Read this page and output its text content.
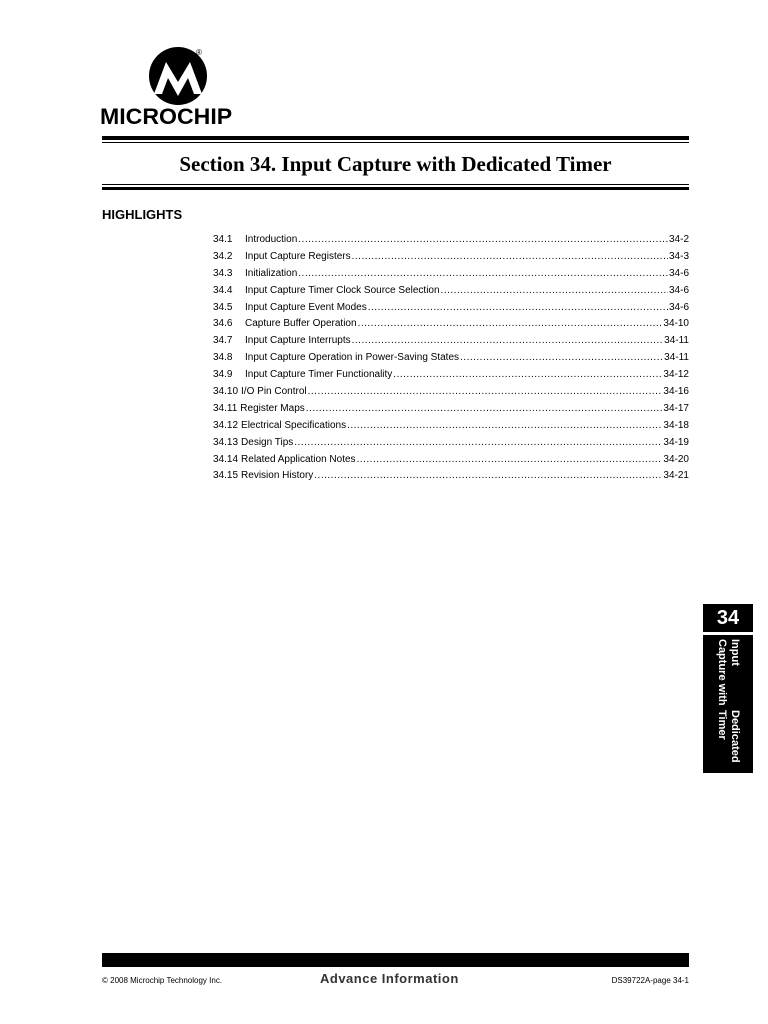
®
MICROCHIP
Section 34. Input Capture with Dedicated Timer
HIGHLIGHTS
34.1	Introduction .....	34-2
34.2	Input Capture Registers .....	34-3
34.3	Initialization .....	34-6
34.4	Input Capture Timer Clock Source Selection .....	34-6
34.5	Input Capture Event Modes .....	34-6
34.6	Capture Buffer Operation .....	34-10
34.7	Input Capture Interrupts .....	34-11
34.8	Input Capture Operation in Power-Saving States .....	34-11
34.9	Input Capture Timer Functionality .....	34-12
34.10 I/O Pin Control .....	34-16
34.11 Register Maps .....	34-17
34.12 Electrical Specifications .....	34-18
34.13 Design Tips .....	34-19
34.14 Related Application Notes .....	34-20
34.15 Revision History .....	34-21
34
Input Capture with
Dedicated Timer
© 2008 Microchip Technology Inc.	Advance Information	DS39722A-page 34-1
